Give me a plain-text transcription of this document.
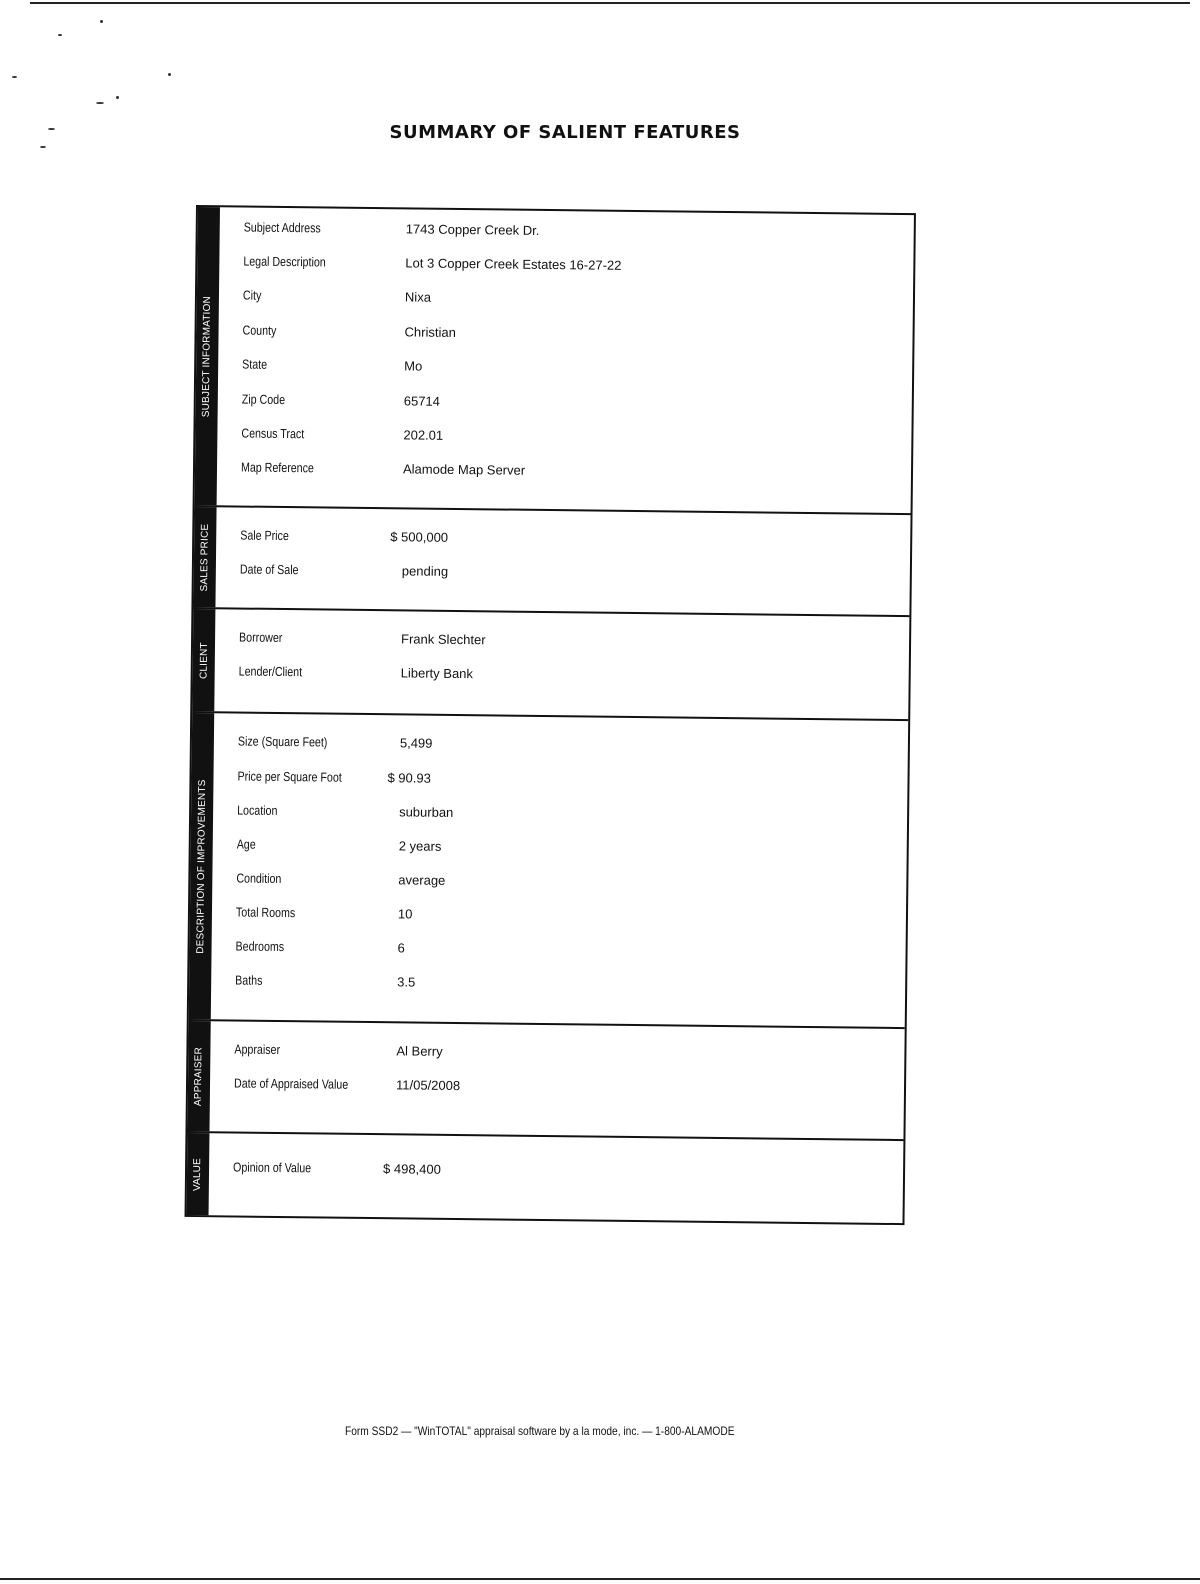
SUMMARY OF SALIENT FEATURES
SUBJECT INFORMATION
Subject Address	1743 Copper Creek Dr.
Legal Description	Lot 3 Copper Creek Estates 16-27-22
City	Nixa
County	Christian
State	Mo
Zip Code	65714
Census Tract	202.01
Map Reference	Alamode Map Server
SALES PRICE Sale Price	$ 500,000
Date of Sale	pending
CLIENT
Borrower	Frank Slechter
Lender/Client	Liberty Bank
DESCRIPTION OF IMPROVEMENTS
Size (Square Feet)	5,499
Price per Square Foot	$ 90.93
Location	suburban
Age	2 years
Condition	average
Total Rooms	10
Bedrooms	6
Baths	3.5
APPRAISER Appraiser	Al Berry
Date of Appraised Value	11/05/2008
VALUE Opinion of Value	$ 498,400
Form SSD2 — "WinTOTAL" appraisal software by a la mode, inc. — 1-800-ALAMODE
